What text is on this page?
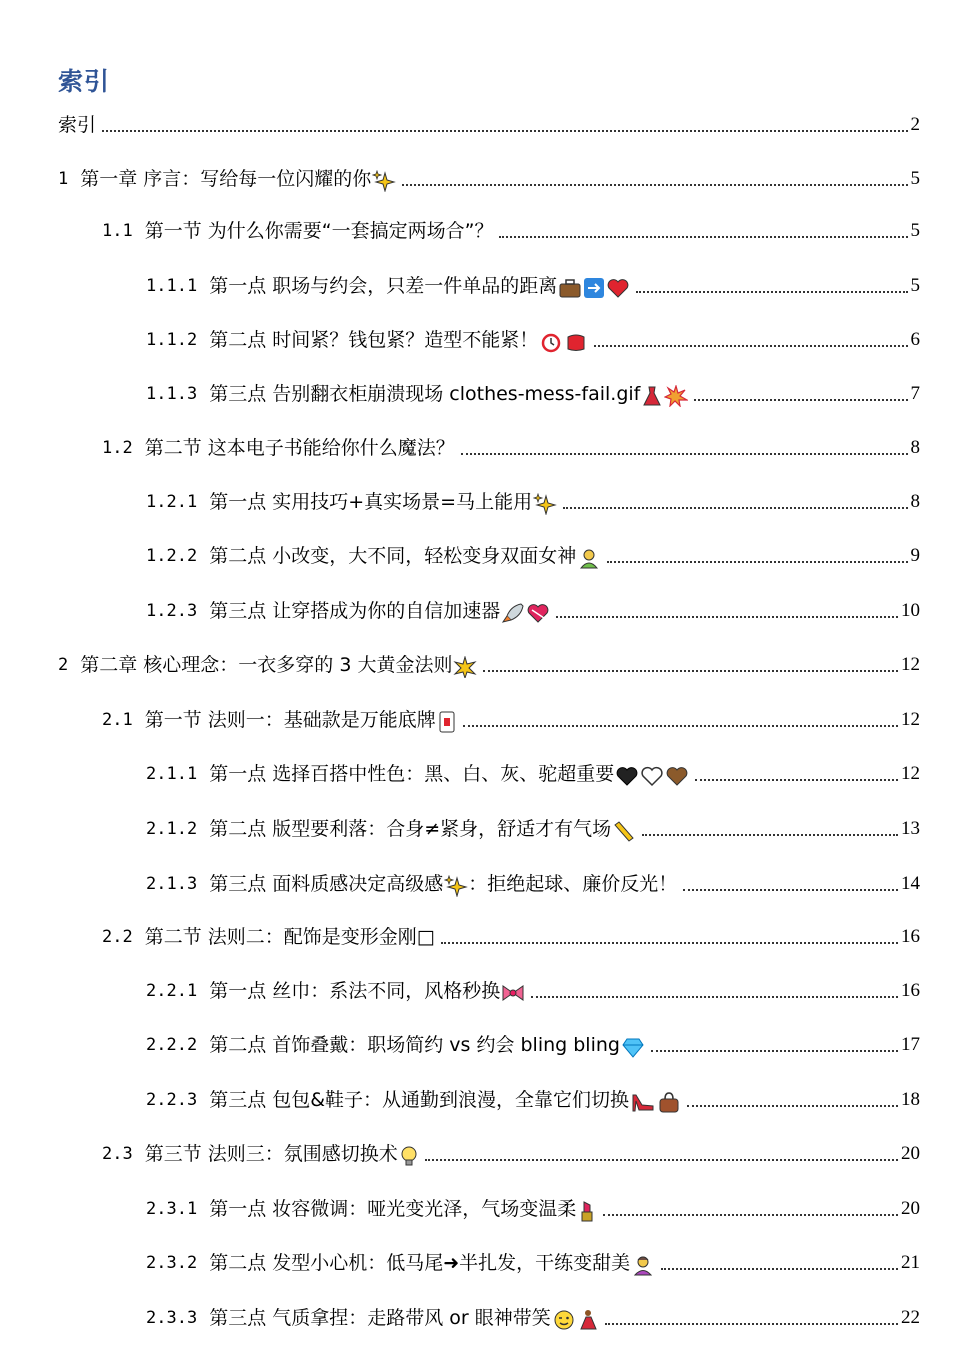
索引
索引	2
1 第一章 序言：写给每一位闪耀的你	5
1.1 第一节 为什么你需要“一套搞定两场合”？	5
1.1.1 第一点 职场与约会，只差一件单品的距离	5
1.1.2 第二点 时间紧？钱包紧？造型不能紧！	6
1.1.3 第三点 告别翻衣柜崩溃现场 clothes-mess-fail.gif	7
1.2 第二节 这本电子书能给你什么魔法？	8
1.2.1 第一点 实用技巧+真实场景=马上能用	8
1.2.2 第二点 小改变，大不同，轻松变身双面女神	9
1.2.3 第三点 让穿搭成为你的自信加速器	10
2 第二章 核心理念：一衣多穿的 3 大黄金法则	12
2.1 第一节 法则一：基础款是万能底牌	12
2.1.1 第一点 选择百搭中性色：黑、白、灰、驼超重要	12
2.1.2 第二点 版型要利落：合身≠紧身，舒适才有气场	13
2.1.3 第三点 面料质感决定高级感 ：拒绝起球、廉价反光！	14
2.2 第二节 法则二：配饰是变形金刚□	16
2.2.1 第一点 丝巾：系法不同，风格秒换	16
2.2.2 第二点 首饰叠戴：职场简约 vs 约会 bling bling	17
2.2.3 第三点 包包&鞋子：从通勤到浪漫，全靠它们切换	18
2.3 第三节 法则三：氛围感切换术	20
2.3.1 第一点 妆容微调：哑光变光泽，气场变温柔	20
2.3.2 第二点 发型小心机：低马尾➜半扎发，干练变甜美	21
2.3.3 第三点 气质拿捏：走路带风 or 眼神带笑	22
